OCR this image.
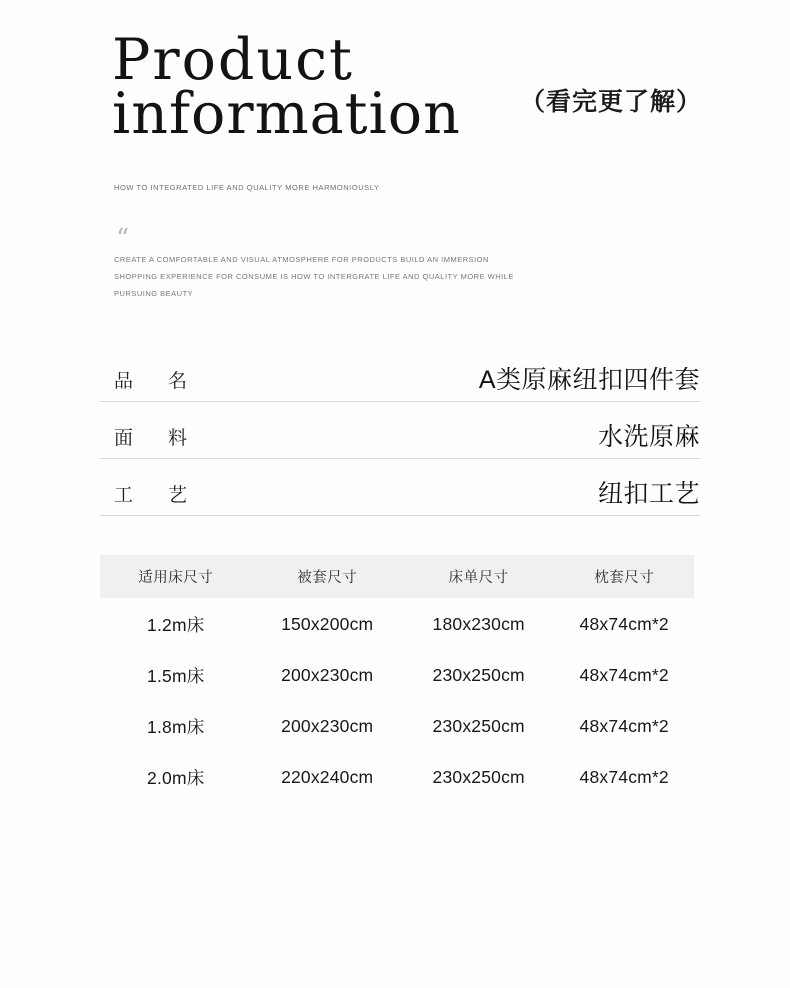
Product
information	（看完更了解）
HOW TO INTEGRATED LIFE AND QUALITY MORE HARMONIOUSLY
“
CREATE A COMFORTABLE AND VISUAL ATMOSPHERE FOR PRODUCTS BUILD AN IMMERSION SHOPPING EXPERIENCE FOR CONSUME IS HOW TO INTERGRATE LIFE AND QUALITY MORE WHILE PURSUING BEAUTY
品　名	A类原麻纽扣四件套
面　料	水洗原麻
工　艺	纽扣工艺
适用床尺寸	被套尺寸	床单尺寸	枕套尺寸
1.2m床	150x200cm	180x230cm	48x74cm*2
1.5m床	200x230cm	230x250cm	48x74cm*2
1.8m床	200x230cm	230x250cm	48x74cm*2
2.0m床	220x240cm	230x250cm	48x74cm*2
